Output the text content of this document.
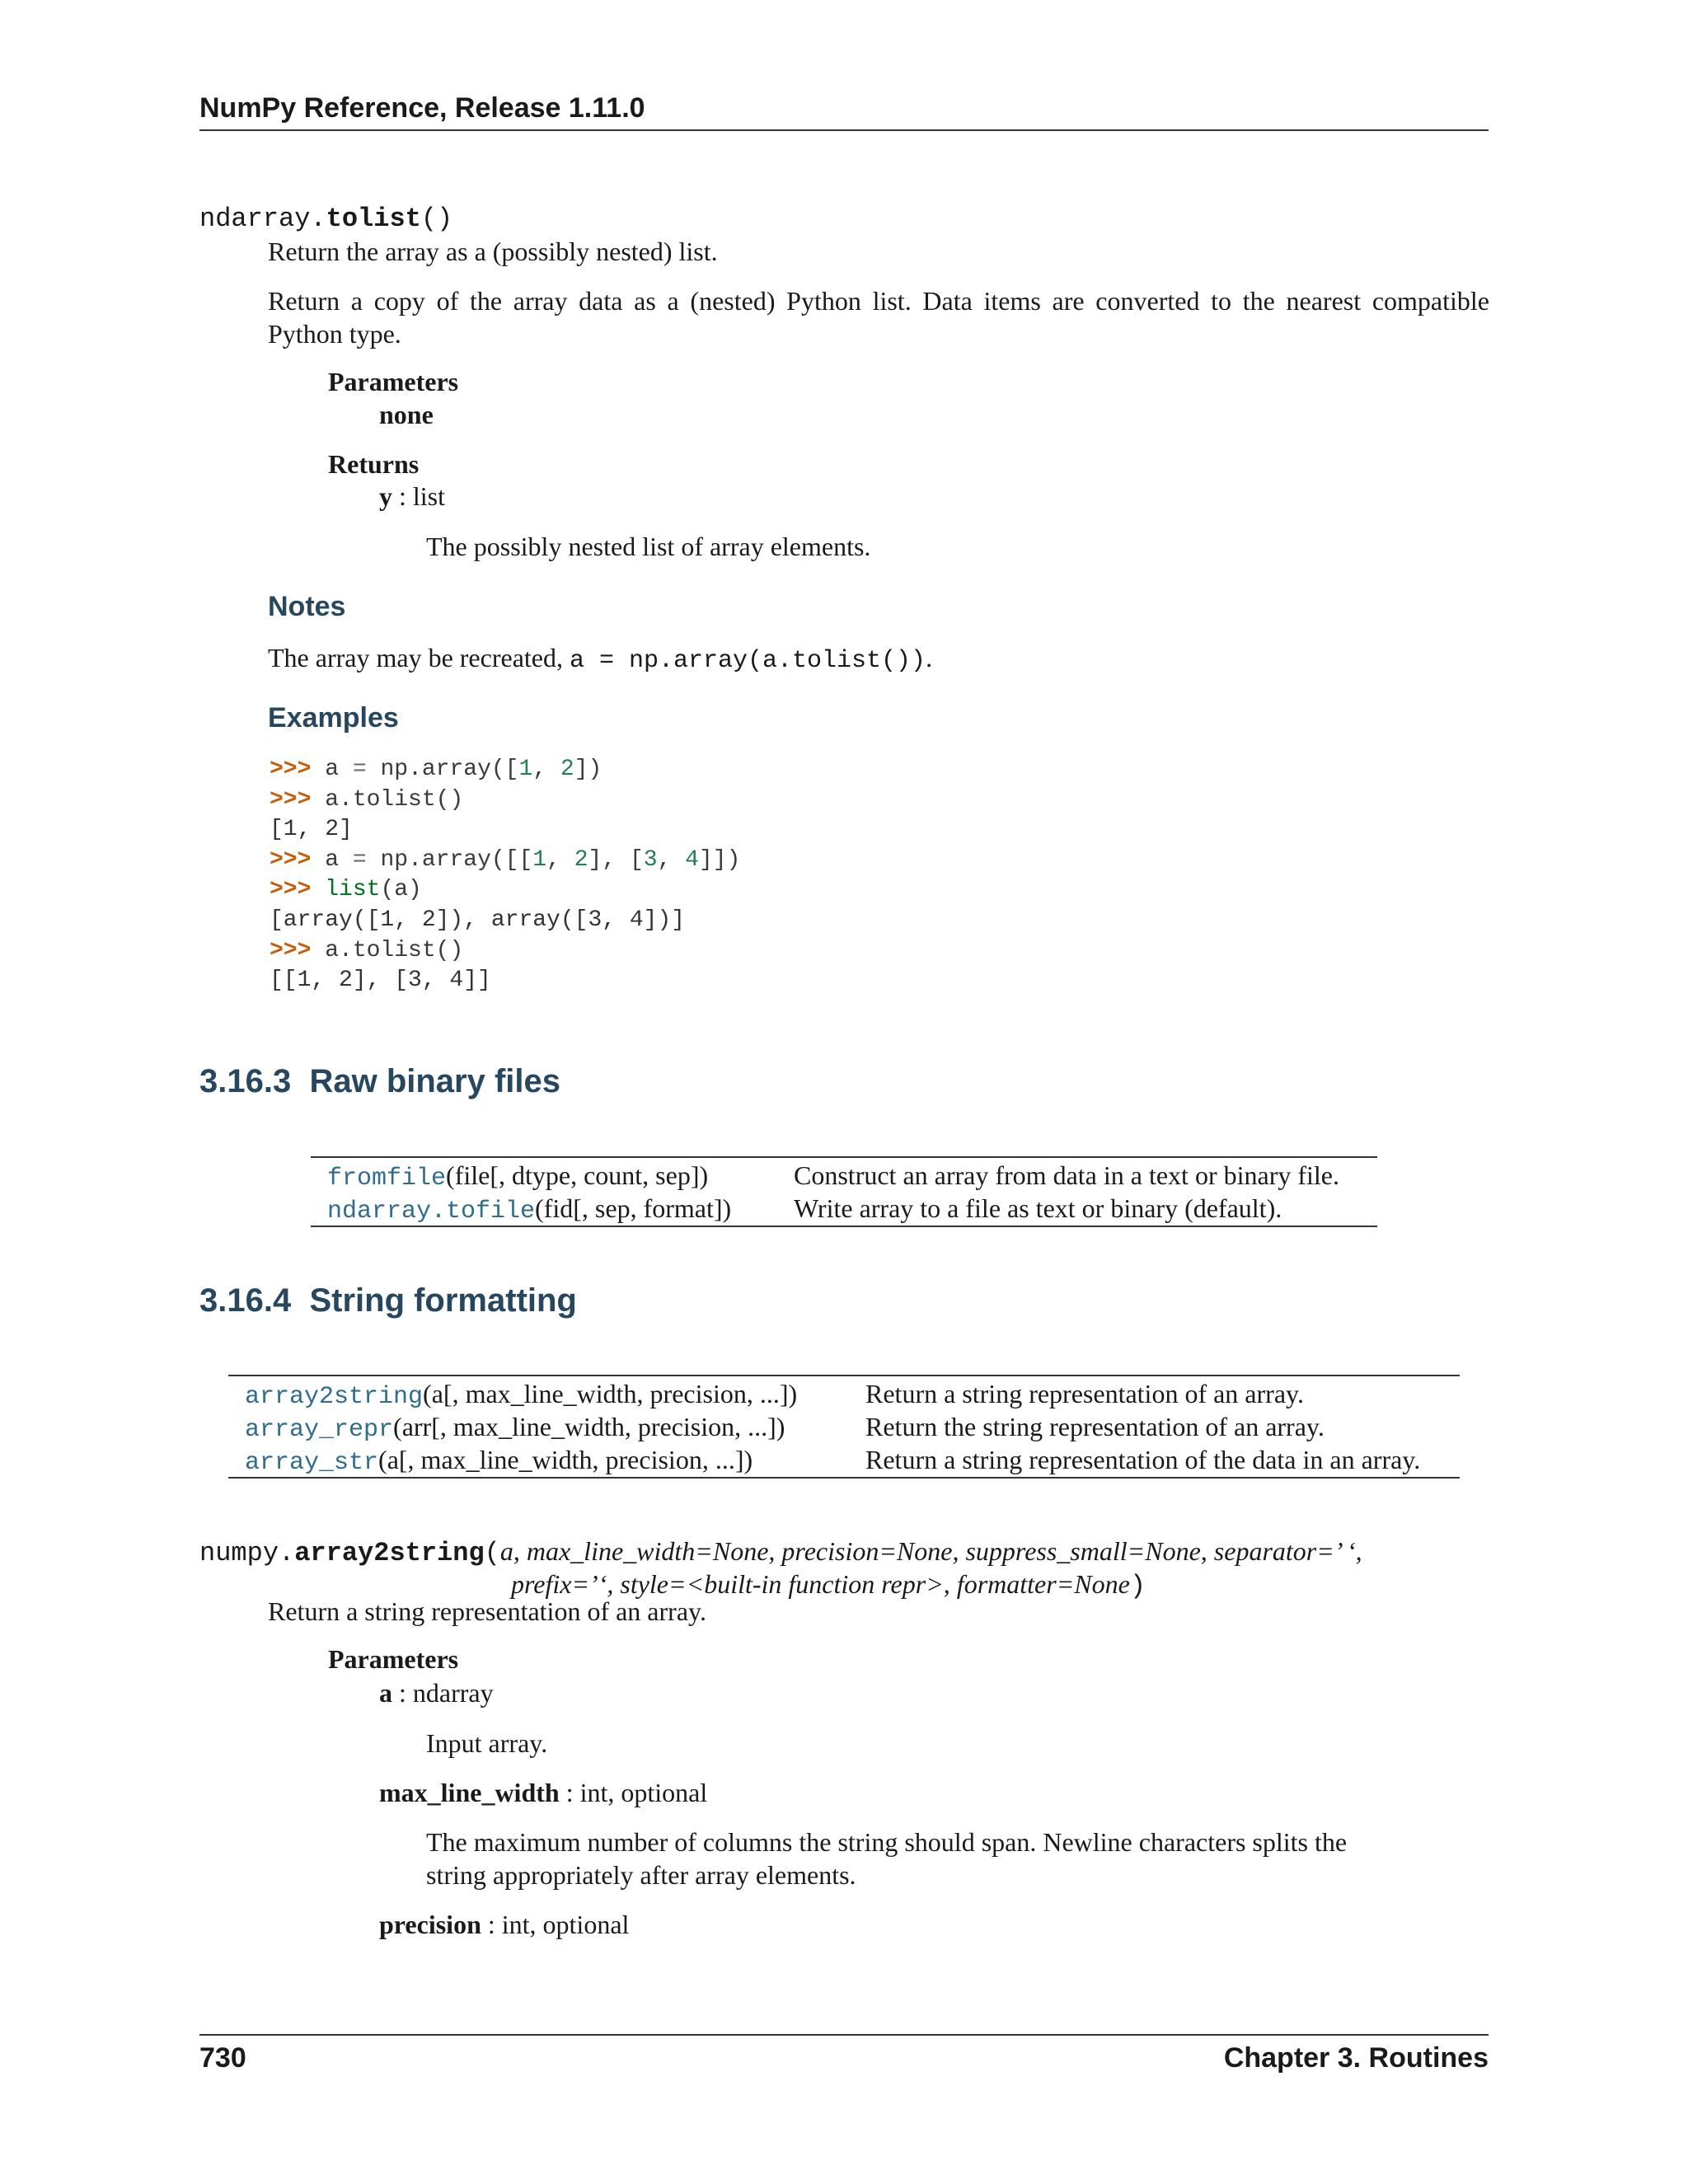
NumPy Reference, Release 1.11.0
ndarray.tolist()
Return the array as a (possibly nested) list.
Return a copy of the array data as a (nested) Python list. Data items are converted to the nearest compatible
Python type.
Parameters
none
Returns
y : list
The possibly nested list of array elements.
Notes
The array may be recreated, a = np.array(a.tolist()).
Examples
>>> a = np.array([1, 2])
>>> a.tolist()
[1, 2]
>>> a = np.array([[1, 2], [3, 4]])
>>> list(a)
[array([1, 2]), array([3, 4])]
>>> a.tolist()
[[1, 2], [3, 4]]
3.16.3 Raw binary files
fromfile(file[, dtype, count, sep])	Construct an array from data in a text or binary file.
ndarray.tofile(fid[, sep, format]) Write array to a file as text or binary (default).
3.16.4 String formatting
array2string(a[, max_line_width, precision, ...])	Return a string representation of an array.
array_repr(arr[, max_line_width, precision, ...])	Return the string representation of an array.
array_str(a[, max_line_width, precision, ...])	Return a string representation of the data in an array.
numpy.array2string(a, max_line_width=None, precision=None, suppress_small=None, separator=’ ‘,
prefix=’‘, style=<built-in function repr>, formatter=None)
Return a string representation of an array.
Parameters
a : ndarray
Input array.
max_line_width : int, optional
The maximum number of columns the string should span. Newline characters splits the
string appropriately after array elements.
precision : int, optional
730	Chapter 3. Routines
